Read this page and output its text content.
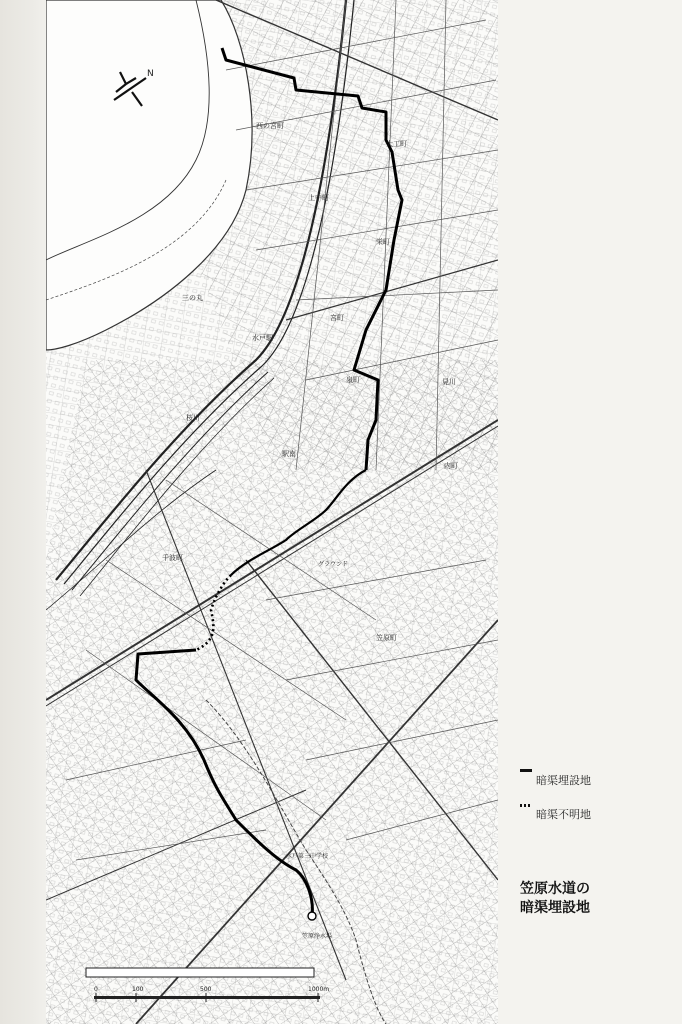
N
西の宮町
大工町
上中町
栄町
三の丸
水戸駅
宮町
泉町
駅南
桜川
笠原町
内町
見川
グラウンド
千波町
笠原浄水場
水戸第三中学校
0	100	500	1000m
暗渠埋設地
暗渠不明地
笠原水道の
暗渠埋設地
